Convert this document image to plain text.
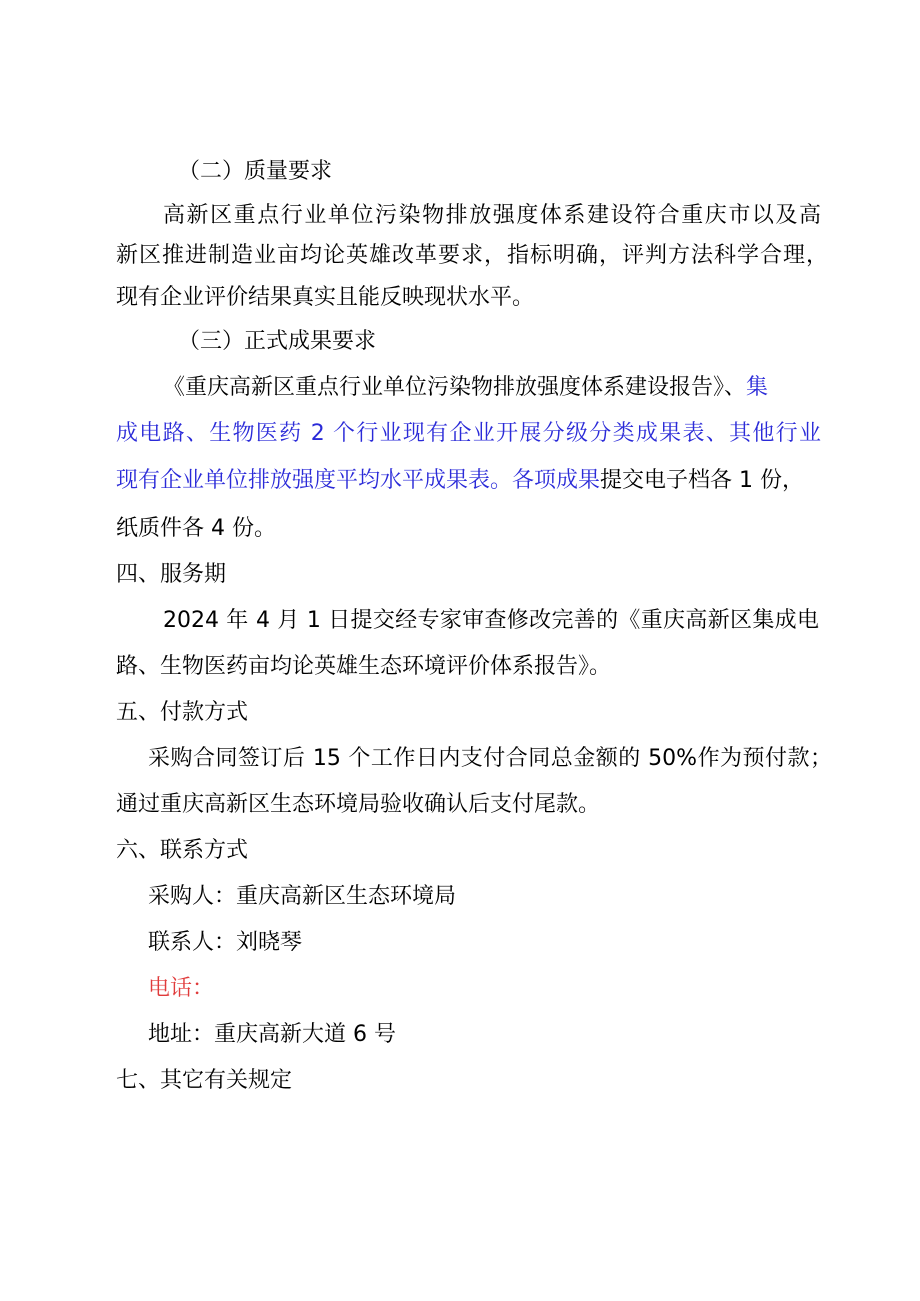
（二）质量要求
高新区重点行业单位污染物排放强度体系建设符合重庆市以及高
新区推进制造业亩均论英雄改革要求，指标明确，评判方法科学合理，
现有企业评价结果真实且能反映现状水平。
（三）正式成果要求
《重庆高新区重点行业单位污染物排放强度体系建设报告》、集
成电路、生物医药 2 个行业现有企业开展分级分类成果表、其他行业
现有企业单位排放强度平均水平成果表。各项成果提交电子档各 1 份，
纸质件各 4 份。
四、服务期
2024 年 4 月 1 日提交经专家审查修改完善的《重庆高新区集成电
路、生物医药亩均论英雄生态环境评价体系报告》。
五、付款方式
采购合同签订后 15 个工作日内支付合同总金额的 50%作为预付款；
通过重庆高新区生态环境局验收确认后支付尾款。
六、联系方式
采购人：重庆高新区生态环境局
联系人：刘晓琴
电话：
地址：重庆高新大道 6 号
七、其它有关规定
